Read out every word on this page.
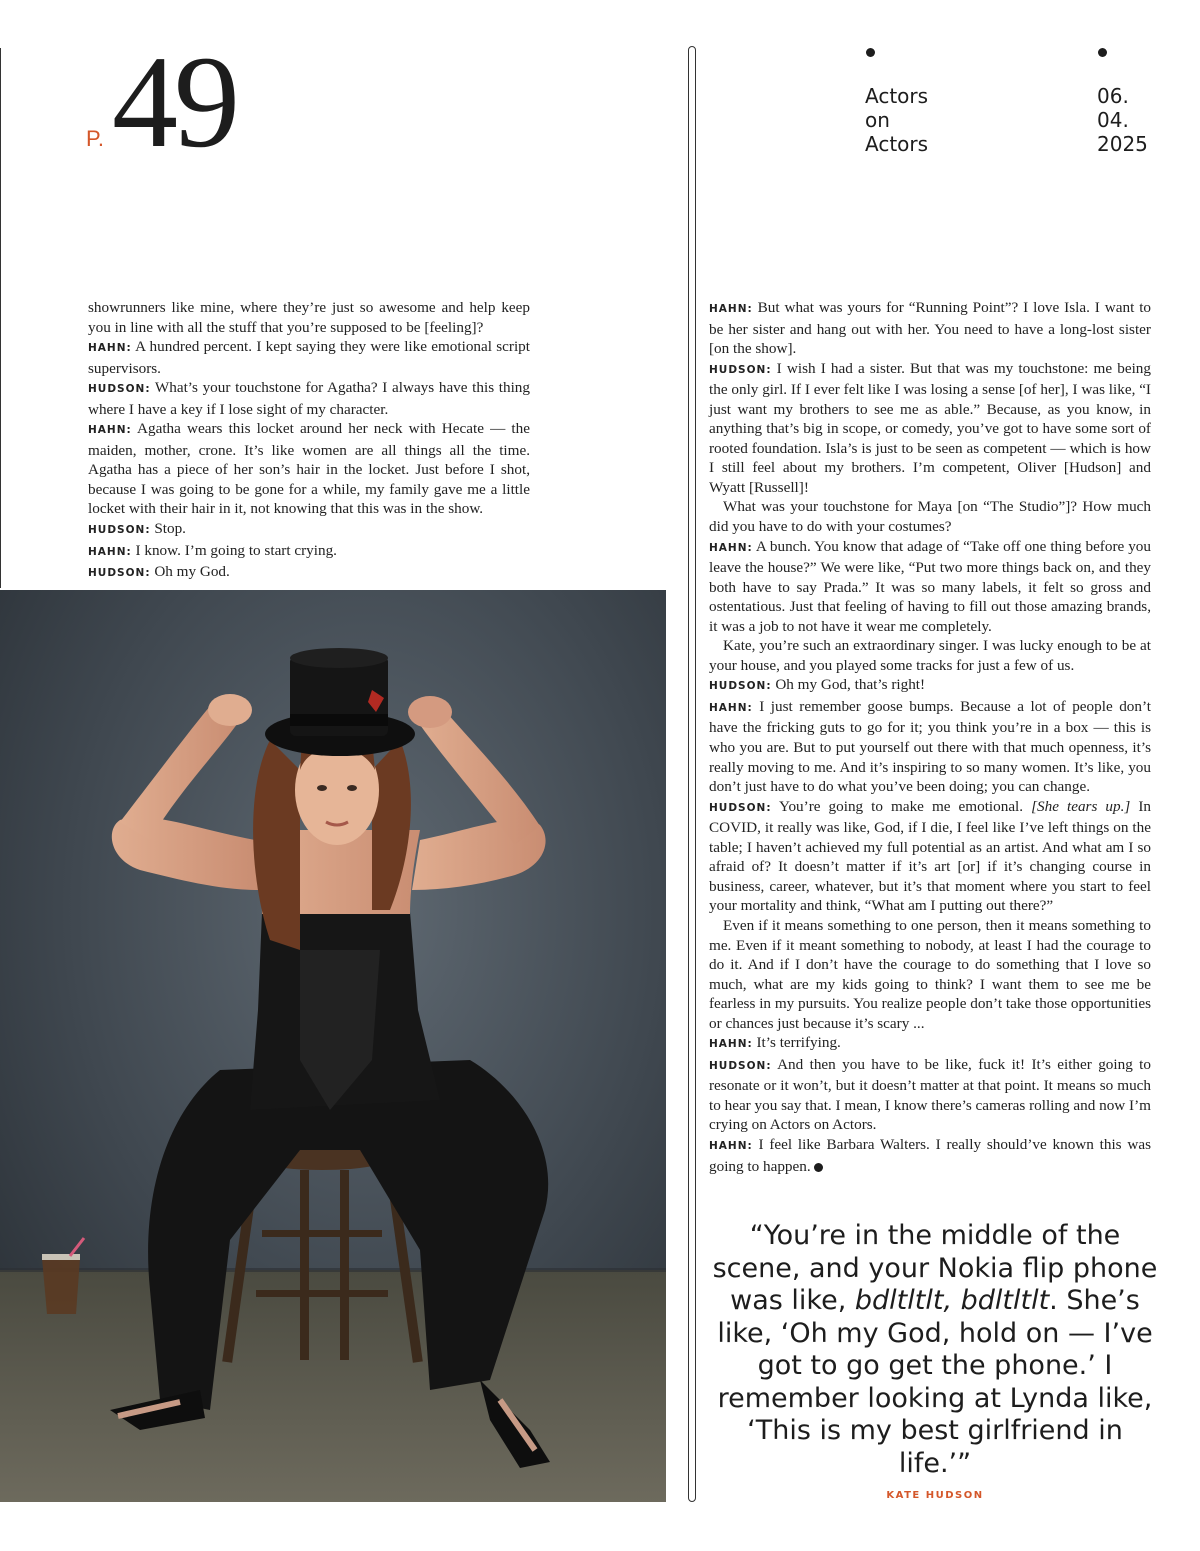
P. 49	Actors
on
Actors
06.
04.
2025

showrunners like mine, where they’re just so awesome and help keep you in line with all the stuff that you’re supposed to be [feeling]?

HAHN: A hundred percent. I kept saying they were like emotional script supervisors.

HUDSON: What’s your touchstone for Agatha? I always have this thing where I have a key if I lose sight of my character.

HAHN: Agatha wears this locket around her neck with Hecate — the maiden, mother, crone. It’s like women are all things all the time. Agatha has a piece of her son’s hair in the locket. Just before I shot, because I was going to be gone for a while, my family gave me a little locket with their hair in it, not knowing that this was in the show.

HUDSON: Stop.

HAHN: I know. I’m going to start crying.

HUDSON: Oh my God.

HAHN: But what was yours for “Running Point”? I love Isla. I want to be her sister and hang out with her. You need to have a long-lost sister [on the show].

HUDSON: I wish I had a sister. But that was my touchstone: me being the only girl. If I ever felt like I was losing a sense [of her], I was like, “I just want my brothers to see me as able.” Because, as you know, in anything that’s big in scope, or comedy, you’ve got to have some sort of rooted foundation. Isla’s is just to be seen as competent — which is how I still feel about my brothers. I’m competent, Oliver [Hudson] and Wyatt [Russell]!

What was your touchstone for Maya [on “The Studio”]? How much did you have to do with your costumes?

HAHN: A bunch. You know that adage of “Take off one thing before you leave the house?” We were like, “Put two more things back on, and they both have to say Prada.” It was so many labels, it felt so gross and ostentatious. Just that feeling of having to fill out those amazing brands, it was a job to not have it wear me completely.

Kate, you’re such an extraordinary singer. I was lucky enough to be at your house, and you played some tracks for just a few of us.

HUDSON: Oh my God, that’s right!

HAHN: I just remember goose bumps. Because a lot of people don’t have the fricking guts to go for it; you think you’re in a box — this is who you are. But to put yourself out there with that much openness, it’s really moving to me. And it’s inspiring to so many women. It’s like, you don’t just have to do what you’ve been doing; you can change.

HUDSON: You’re going to make me emotional. [She tears up.] In COVID, it really was like, God, if I die, I feel like I’ve left things on the table; I haven’t achieved my full potential as an artist. And what am I so afraid of? It doesn’t matter if it’s art [or] if it’s changing course in business, career, whatever, but it’s that moment where you start to feel your mortality and think, “What am I putting out there?”

Even if it means something to one person, then it means something to me. Even if it meant something to nobody, at least I had the courage to do it. And if I don’t have the courage to do something that I love so much, what are my kids going to think? I want them to see me be fearless in my pursuits. You realize people don’t take those opportunities or chances just because it’s scary ...

HAHN: It’s terrifying.

HUDSON: And then you have to be like, fuck it! It’s either going to resonate or it won’t, but it doesn’t matter at that point. It means so much to hear you say that. I mean, I know there’s cameras rolling and now I’m crying on Actors on Actors.

HAHN: I feel like Barbara Walters. I really should’ve known this was going to happen.

“You’re in the middle of the scene, and your Nokia flip phone was like, bdltltlt, bdltltlt. She’s like, ‘Oh my God, hold on — I’ve got to go get the phone.’ I remember looking at Lynda like, ‘This is my best girlfriend in life.’”
KATE HUDSON
